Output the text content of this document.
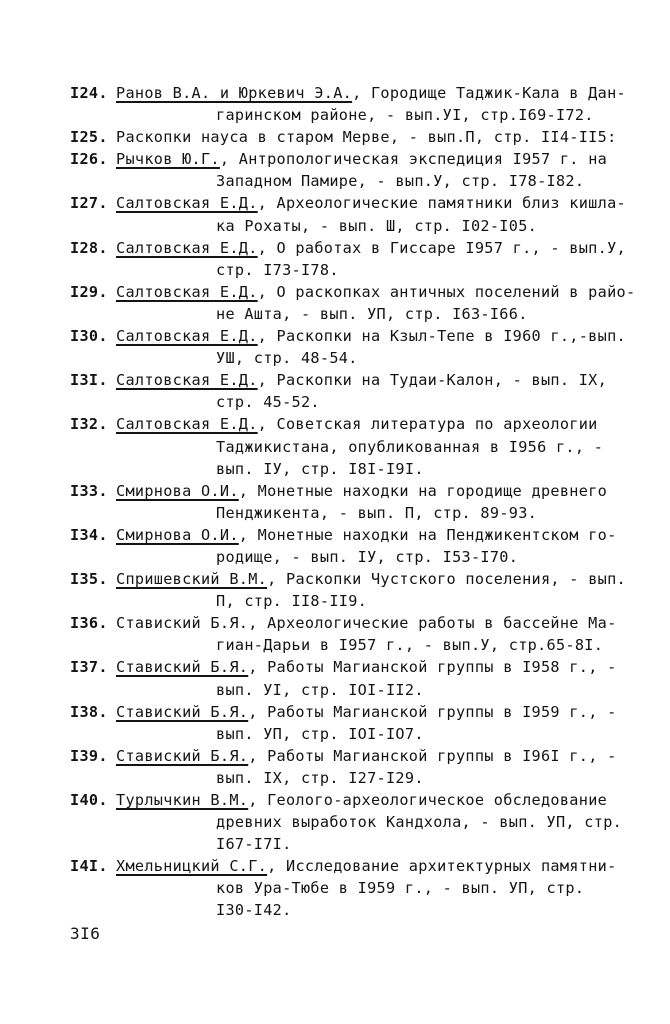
I24. Ранов В.А. и Юркевич Э.А., Городище Таджик-Кала в Дан-
гаринском районе, - вып.УI, стр.I69-I72.
I25. Раскопки науса в старом Мерве, - вып.П, стр. II4-II5:
I26. Рычков Ю.Г., Антропологическая экспедиция I957 г. на
Западном Памире, - вып.У, стр. I78-I82.
I27. Салтовская Е.Д., Археологические памятники близ кишла-
ка Рохаты, - вып. Ш, стр. I02-I05.
I28. Салтовская Е.Д., О работах в Гиссаре I957 г., - вып.У,
стр. I73-I78.
I29. Салтовская Е.Д., О раскопках античных поселений в райо-
не Ашта, - вып. УП, стр. I63-I66.
I30. Салтовская Е.Д., Раскопки на Кзыл-Тепе в I960 г.,-вып.
УШ, стр. 48-54.
I3I. Салтовская Е.Д., Раскопки на Тудаи-Калон, - вып. IX,
стр. 45-52.
I32. Салтовская Е.Д., Советская литература по археологии
Таджикистана, опубликованная в I956 г., -
вып. IУ, стр. I8I-I9I.
I33. Смирнова О.И., Монетные находки на городище древнего
Пенджикента, - вып. П, стр. 89-93.
I34. Смирнова О.И., Монетные находки на Пенджикентском го-
родище, - вып. IУ, стр. I53-I70.
I35. Спришевский В.М., Раскопки Чустского поселения, - вып.
П, стр. II8-II9.
I36. Ставиский Б.Я., Археологические работы в бассейне Ма-
гиан-Дарьи в I957 г., - вып.У, стр.65-8I.
I37. Ставиский Б.Я., Работы Магианской группы в I958 г., -
вып. УI, стр. IOI-II2.
I38. Ставиский Б.Я., Работы Магианской группы в I959 г., -
вып. УП, стр. IOI-IO7.
I39. Ставиский Б.Я., Работы Магианской группы в I96I г., -
вып. IX, стр. I27-I29.
I40. Турлычкин В.М., Геолого-археологическое обследование
древних выработок Кандхола, - вып. УП, стр.
I67-I7I.
I4I. Хмельницкий С.Г., Исследование архитектурных памятни-
ков Ура-Тюбе в I959 г., - вып. УП, стр.
I30-I42.
3I6
